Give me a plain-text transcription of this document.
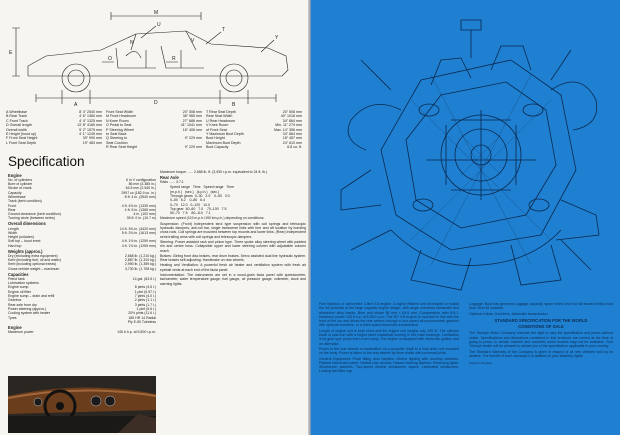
D
A	B
E
M
U
T
Y
O	R
N	V
A Wheelbase	8' 4" 2540 mm
B Rear Track	4' 6" 1360 mm
C Front Track	4' 4" 1325 mm
D Overall length	13' 8" 4165 mm
Overall width	5' 2" 1575 mm
E Height (hood up)	4' 1" 1245 mm
F Front Seat Height	39" 990 mm
L Front Seat Depth	19" 483 mm
Front Seat Width	20" 508 mm
M Front Headroom	38" 965 mm
N Knee Room	27" 686 mm
O Pedal to Seat	41" 1041 mm
P Steering Wheel	16" 406 mm
to Seat Back
Q Steering to	9" 229 mm
Seat Cushion
R Rear Seat Height	9" 229 mm
T Rear Seat Depth	20" 508 mm
Rear Seat Width	40" 1016 mm
U Rear Headroom	34" 864 mm
V Knee Room	Min. 11" 279 mm
of Front Seat	Max. 14" 356 mm
Y Maximum Boot Depth	34" 864 mm
Boot Height	18" 457 mm
Maximum Boot Depth	24" 610 mm
Boot Capacity	6.8 cu. ft.
Specification
Engine
No. of cylinders	6 in V configuration
Bore of cylinder	86 mm (3.385 in.)
Stroke of crank	64.5 mm (2.540 in.)
Capacity	2997 cc (182.9 cu. in.)
Wheelbase	8 ft. 4 in. (2540 mm)
Track (kerb condition)
Front	4 ft. 4½ in. (1335 mm)
Rear	4 ft. 6 in. (1365 mm)
Ground clearance (kerb condition)	4 in. (102 mm)
Turning circle (between kerbs)	35 ft. 0 in. (10.7 m)
Overall dimensions
Length	14 ft. 5¾ in. (4420 mm)
Width	5 ft. 3¾ in. (1613 mm)
Height (unladen)
Soft top – hood erect	4 ft. 1½ in. (1259 mm)
Hard top	4 ft. 1½ in. (1259 mm)
Weights (approx.)
Dry (excluding extra equipment)	2,668 lb. (1,210 kg.)
Kerb (including fuel, oil and water)	2,887 lb. (1,310 kg.)
Kerb (including optional extras)	2,990 lb. (1,359 kg.)
Gross vehicle weight – maximum	3,730 lb. (1,708 kg.)
Capacities
Petrol tank	14 gal. (63.5 l.)
Lubrication systems
Engine sump	8 pints (4.5 l.)
Engine oil filter	1 pint (0.57 l.)
Engine sump – drain and refill	7 pints (4.0 l.)
Gearbox	2 pints (1.1 l.)
Rear axle from dry	3 pints (1.7 l.)
Power steering (approx.)	1 pint (0.6 l.)
Cooling system with heater	20½ pints (11.6 l.)
Tyres	185 HR 14 Radial
Ply E-50 Tubeless
Engine
Maximum power	145 b.h.p. at 5,500 r.p.m.
Maximum torque ...... 2,668 lb. ft. (3,930 r.p.m. equivalent to 24 ft. lb.)
Rear Axle
Ratio ...... 3.7:1
Speed range   Time   Speed range   Time
(m.p.h.)   (sec.)   (k.p.h.)   (sec.)
Through gears  0–30   2.9    0–50   3.0
0–50   6.2    0–80   6.4
0–70   12.0   0–120   14.0
Top gear  40–60   7.0    70–100   7.5
50–70   7.5    80–110   7.1
Maximum speed (119 m.p.h./190 km.p.h.) depending on conditions.
Suspension: (Front) Independent strut type suspension with coil springs and telescopic hydraulic dampers, anti-roll bar, single transverse links with fore and aft location by bonding cross rods. Coil springs are mounted between top mounts and lower links. (Rear) Independent semi-trailing arms with coil springs and telescopic dampers.
Steering: Power assisted rack and pinion type. Three spoke alloy steering wheel with padded rim and centre boss. Collapsible upper and lower steering column with adjustable column reach.
Brakes: Girling front disc brakes, rear drum brakes. Servo assisted dual line hydraulic system. Rear brakes self-adjusting. Handbrake on rear wheels.
Heating and Ventilation: A powerful fresh air heater and ventilation system with fresh air eyeball vents at each end of the facia panel.
Instrumentation: The instruments are set in a wood-grain facia panel with speedometer, tachometer, water temperature gauge, fuel gauge, oil pressure gauge, voltmeter, clock and warning lights.
Fuel injection or carburettor 3-litre V-8 engine. A highly efficient unit developed to exploit the full potential of the large capacity engine design, with single overhead camshafts and aluminium alloy heads. Bore and stroke 86 mm × 64.5 mm. Compression ratio 8.8:1. Maximum power 145 b.h.p. at 5,500 r.p.m. The 90° V-8 engine is mounted in line with the front of the car and drives the rear wheels through a four-speed all-synchromesh gearbox with optional overdrive, or a three-speed automatic transmission.
Length of engine unit is kept short and the engine unit weighs only 400 lb. The cylinder block is cast iron with a forged steel crankshaft running in five main bearings. Lubrication is by gear type pump from a wet sump. The engine is equipped with electronic ignition and an alternator.
Power to the rear wheels is transmitted via a propeller shaft to a final drive unit mounted on the body. Power is taken to the rear wheels by drive shafts with universal joints.
General Equipment: Flush fitting door handles. Interior lighting with courtesy switches. Padded instrument panel. Heated rear window. Hazard warning flashers. Reversing lights. Windscreen washers. Two-speed electric windscreen wipers. Laminated windscreen. Locking fuel filler cap.
Luggage: Boot has generous luggage capacity, spare wheel and tool kit stowed below boot floor. Boot lid lockable.
Optional extras: Overdrive, automatic transmission.
STANDARD SPECIFICATION FOR THE WORLD
CONDITIONS OF SALE
The Triumph Motor Company reserves the right to vary the specification and prices without notice. Specifications and illustrations contained in this brochure are correct at the time of going to press. In certain markets and countries some models may not be available. Your Triumph dealer will be pleased to advise you of the specification applicable in your country.
The Standard Warranty of the Company is given in respect of all new vehicles sold by its dealers. The benefit of such warranty is in addition to your statutory rights.
Printed in England
